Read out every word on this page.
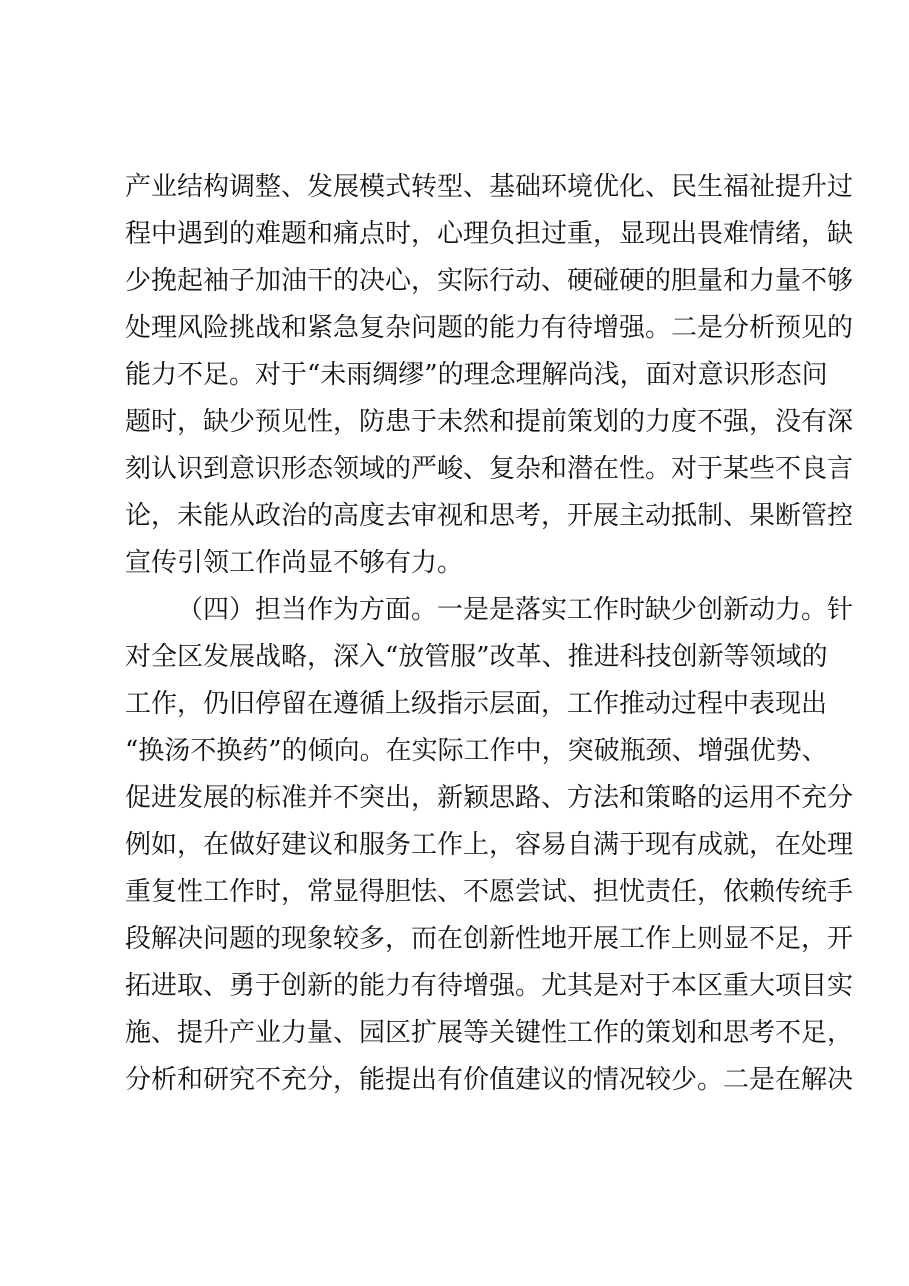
产业结构调整、发展模式转型、基础环境优化、民生福祉提升过
程中遇到的难题和痛点时，心理负担过重，显现出畏难情绪，缺
少挽起袖子加油干的决心，实际行动、硬碰硬的胆量和力量不够
处理风险挑战和紧急复杂问题的能力有待增强。二是分析预见的
能力不足。对于“未雨绸缪”的理念理解尚浅，面对意识形态问
题时，缺少预见性，防患于未然和提前策划的力度不强，没有深
刻认识到意识形态领域的严峻、复杂和潜在性。对于某些不良言
论，未能从政治的高度去审视和思考，开展主动抵制、果断管控
宣传引领工作尚显不够有力。
（四）担当作为方面。一是是落实工作时缺少创新动力。针
对全区发展战略，深入“放管服”改革、推进科技创新等领域的
工作，仍旧停留在遵循上级指示层面，工作推动过程中表现出
“换汤不换药”的倾向。在实际工作中，突破瓶颈、增强优势、
促进发展的标准并不突出，新颖思路、方法和策略的运用不充分
例如，在做好建议和服务工作上，容易自满于现有成就，在处理
重复性工作时，常显得胆怯、不愿尝试、担忧责任，依赖传统手
段解决问题的现象较多，而在创新性地开展工作上则显不足，开
拓进取、勇于创新的能力有待增强。尤其是对于本区重大项目实
施、提升产业力量、园区扩展等关键性工作的策划和思考不足，
分析和研究不充分，能提出有价值建议的情况较少。二是在解决
